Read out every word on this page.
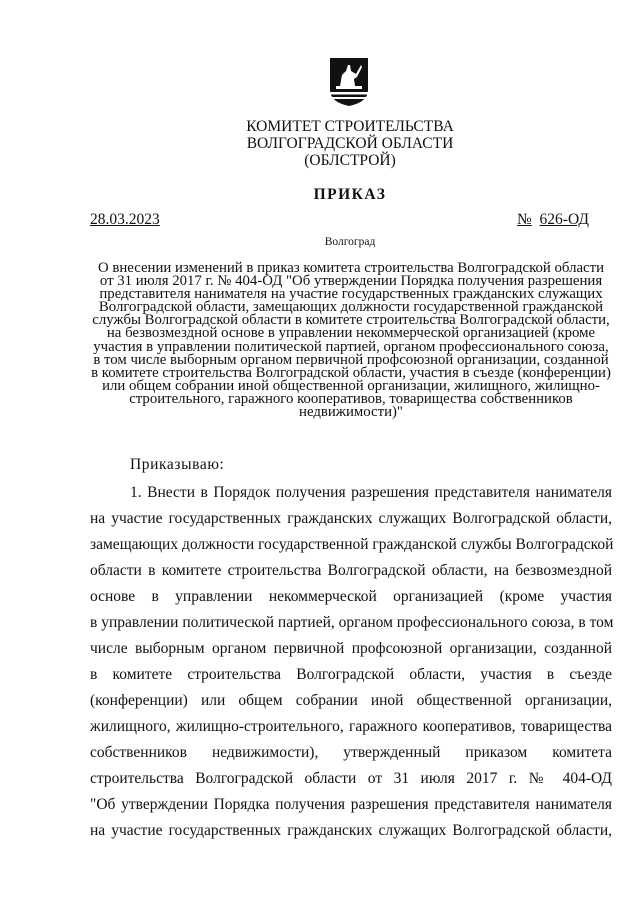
КОМИТЕТ СТРОИТЕЛЬСТВА
ВОЛГОГРАДСКОЙ ОБЛАСТИ
(ОБЛСТРОЙ)
ПРИКАЗ
28.03.2023	№ 626-ОД
Волгоград
О внесении изменений в приказ комитета строительства Волгоградской области от 31 июля 2017 г. № 404-ОД "Об утверждении Порядка получения разрешения представителя нанимателя на участие государственных гражданских служащих Волгоградской области, замещающих должности государственной гражданской службы Волгоградской области в комитете строительства Волгоградской области, на безвозмездной основе в управлении некоммерческой организацией (кроме участия в управлении политической партией, органом профессионального союза, в том числе выборным органом первичной профсоюзной организации, созданной в комитете строительства Волгоградской области, участия в съезде (конференции) или общем собрании иной общественной организации, жилищного, жилищно-строительного, гаражного кооперативов, товарищества собственников недвижимости)"
Приказываю:
1. Внести в Порядок получения разрешения представителя нанимателя
на участие государственных гражданских служащих Волгоградской области,
замещающих должности государственной гражданской службы Волгоградской
области в комитете строительства Волгоградской области, на безвозмездной
основе в управлении некоммерческой организацией (кроме участия
в управлении политической партией, органом профессионального союза, в том
числе выборным органом первичной профсоюзной организации, созданной
в комитете строительства Волгоградской области, участия в съезде
(конференции) или общем собрании иной общественной организации,
жилищного, жилищно-строительного, гаражного кооперативов, товарищества
собственников недвижимости), утвержденный приказом комитета
строительства Волгоградской области от 31 июля 2017 г. № 404-ОД
"Об утверждении Порядка получения разрешения представителя нанимателя
на участие государственных гражданских служащих Волгоградской области,
